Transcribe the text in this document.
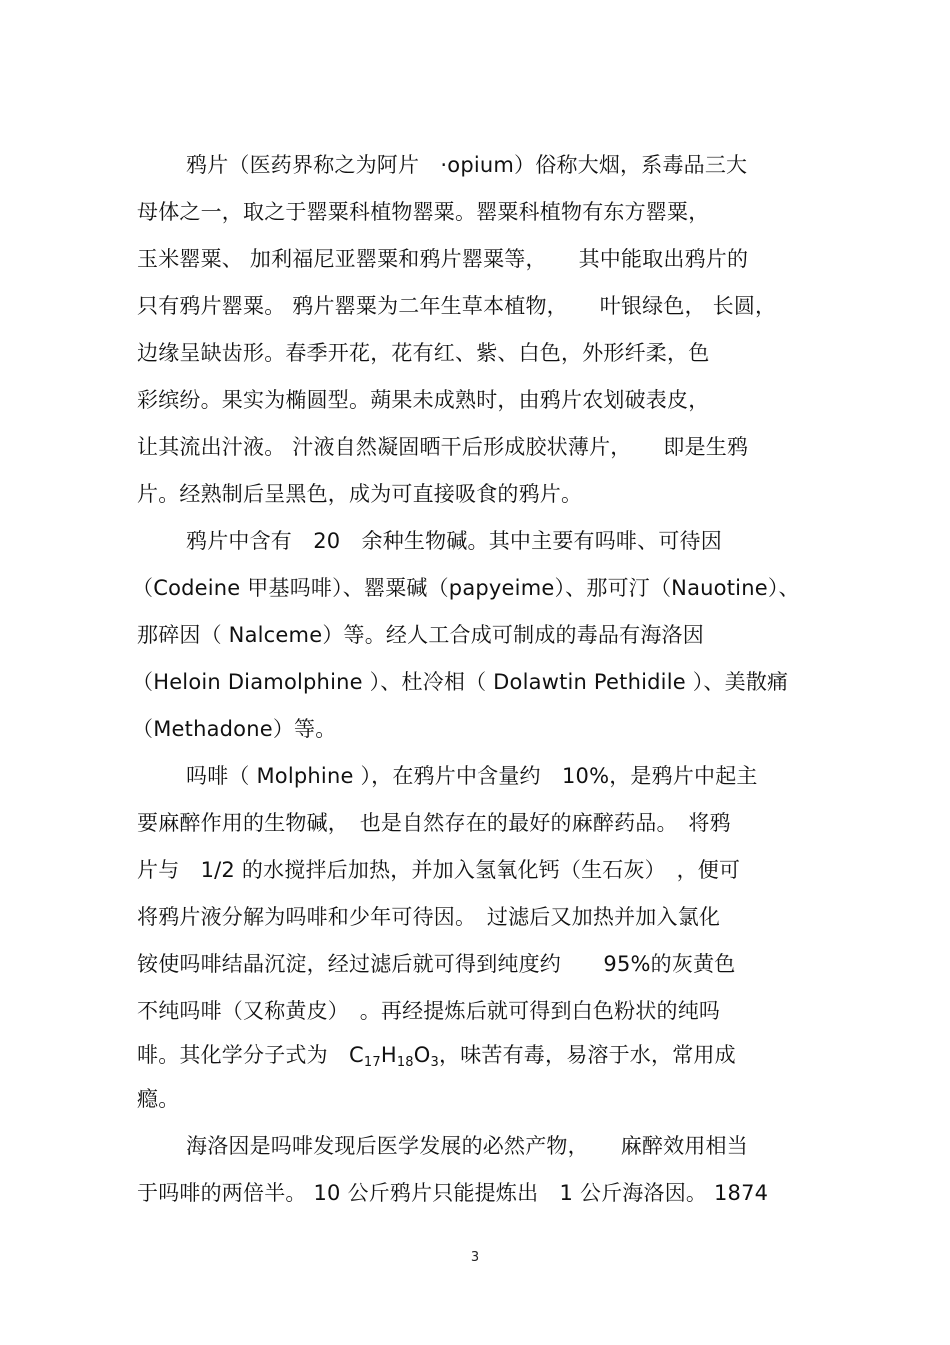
鸦片（医药界称之为阿片　·opium）俗称大烟，系毒品三大
母体之一，取之于罂粟科植物罂粟。罂粟科植物有东方罂粟，
玉米罂粟、 加利福尼亚罂粟和鸦片罂粟等，　　其中能取出鸦片的
只有鸦片罂粟。 鸦片罂粟为二年生草本植物，　　叶银绿色， 长圆，
边缘呈缺齿形。春季开花，花有红、紫、白色，外形纤柔，色
彩缤纷。果实为椭圆型。蒴果未成熟时，由鸦片农划破表皮，
让其流出汁液。 汁液自然凝固晒干后形成胶状薄片，　　即是生鸦
片。经熟制后呈黑色，成为可直接吸食的鸦片。
鸦片中含有　20　余种生物碱。其中主要有吗啡、可待因
（Codeine 甲基吗啡）、罂粟碱（papyeime）、那可汀（Nauotine）、
那碎因（ Nalceme）等。经人工合成可制成的毒品有海洛因
（Heloin Diamolphine ）、杜冷相（ Dolawtin Pethidile ）、美散痛
（Methadone）等。
吗啡（ Molphine ），在鸦片中含量约　10%，是鸦片中起主
要麻醉作用的生物碱，　也是自然存在的最好的麻醉药品。　将鸦
片与　1/2 的水搅拌后加热，并加入氢氧化钙（生石灰）　，便可
将鸦片液分解为吗啡和少年可待因。　过滤后又加热并加入氯化
铵使吗啡结晶沉淀，经过滤后就可得到纯度约　　95%的灰黄色
不纯吗啡（又称黄皮）　。再经提炼后就可得到白色粉状的纯吗
啡。其化学分子式为　$C_{17}H_{18}O_3$，味苦有毒，易溶于水，常用成
瘾。
海洛因是吗啡发现后医学发展的必然产物，　　麻醉效用相当
于吗啡的两倍半。 10 公斤鸦片只能提炼出　1 公斤海洛因。 1874
3
